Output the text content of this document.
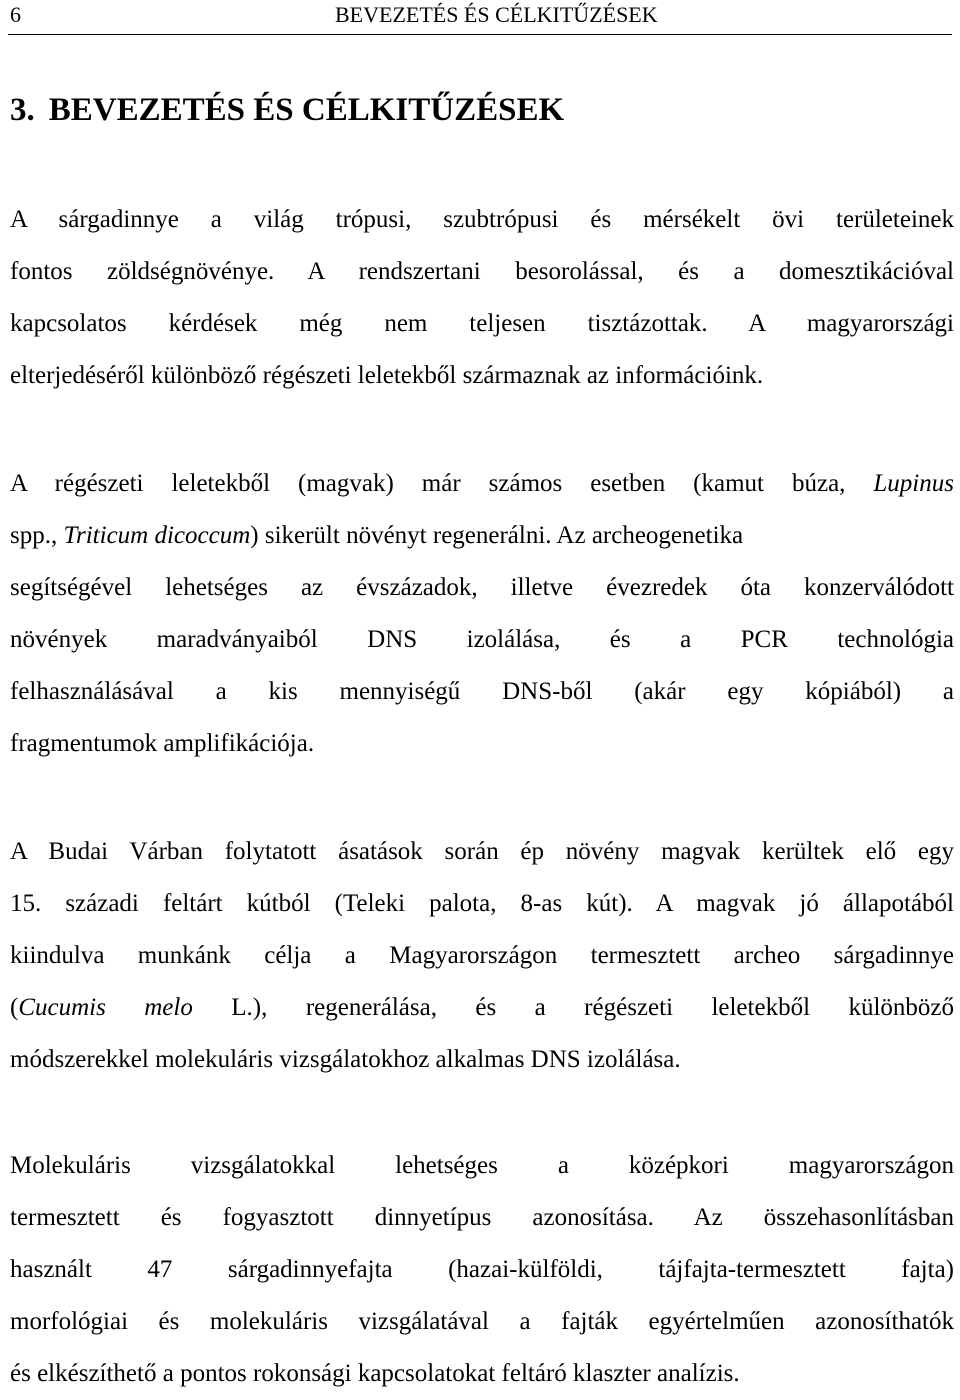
6	BEVEZETÉS ÉS CÉLKITŰZÉSEK
3. BEVEZETÉS ÉS CÉLKITŰZÉSEK

A sárgadinnye a világ trópusi, szubtrópusi és mérsékelt övi területeinek
fontos zöldségnövénye. A rendszertani besorolással, és a domesztikációval
kapcsolatos kérdések még nem teljesen tisztázottak. A magyarországi
elterjedéséről különböző régészeti leletekből származnak az információink.

A régészeti leletekből (magvak) már számos esetben (kamut búza, Lupinus
spp., Triticum dicoccum) sikerült növényt regenerálni. Az archeogenetika
segítségével lehetséges az évszázadok, illetve évezredek óta konzerválódott
növények maradványaiból DNS izolálása, és a PCR technológia
felhasználásával a kis mennyiségű DNS-ből (akár egy kópiából) a
fragmentumok amplifikációja.

A Budai Várban folytatott ásatások során ép növény magvak kerültek elő egy
15. századi feltárt kútból (Teleki palota, 8-as kút). A magvak jó állapotából
kiindulva munkánk célja a Magyarországon termesztett archeo sárgadinnye
(Cucumis melo L.), regenerálása, és a régészeti leletekből különböző
módszerekkel molekuláris vizsgálatokhoz alkalmas DNS izolálása.

Molekuláris vizsgálatokkal lehetséges a középkori magyarországon
termesztett és fogyasztott dinnyetípus azonosítása. Az összehasonlításban
használt 47 sárgadinnyefajta (hazai-külföldi, tájfajta-termesztett fajta)
morfológiai és molekuláris vizsgálatával a fajták egyértelműen azonosíthatók
és elkészíthető a pontos rokonsági kapcsolatokat feltáró klaszter analízis.
